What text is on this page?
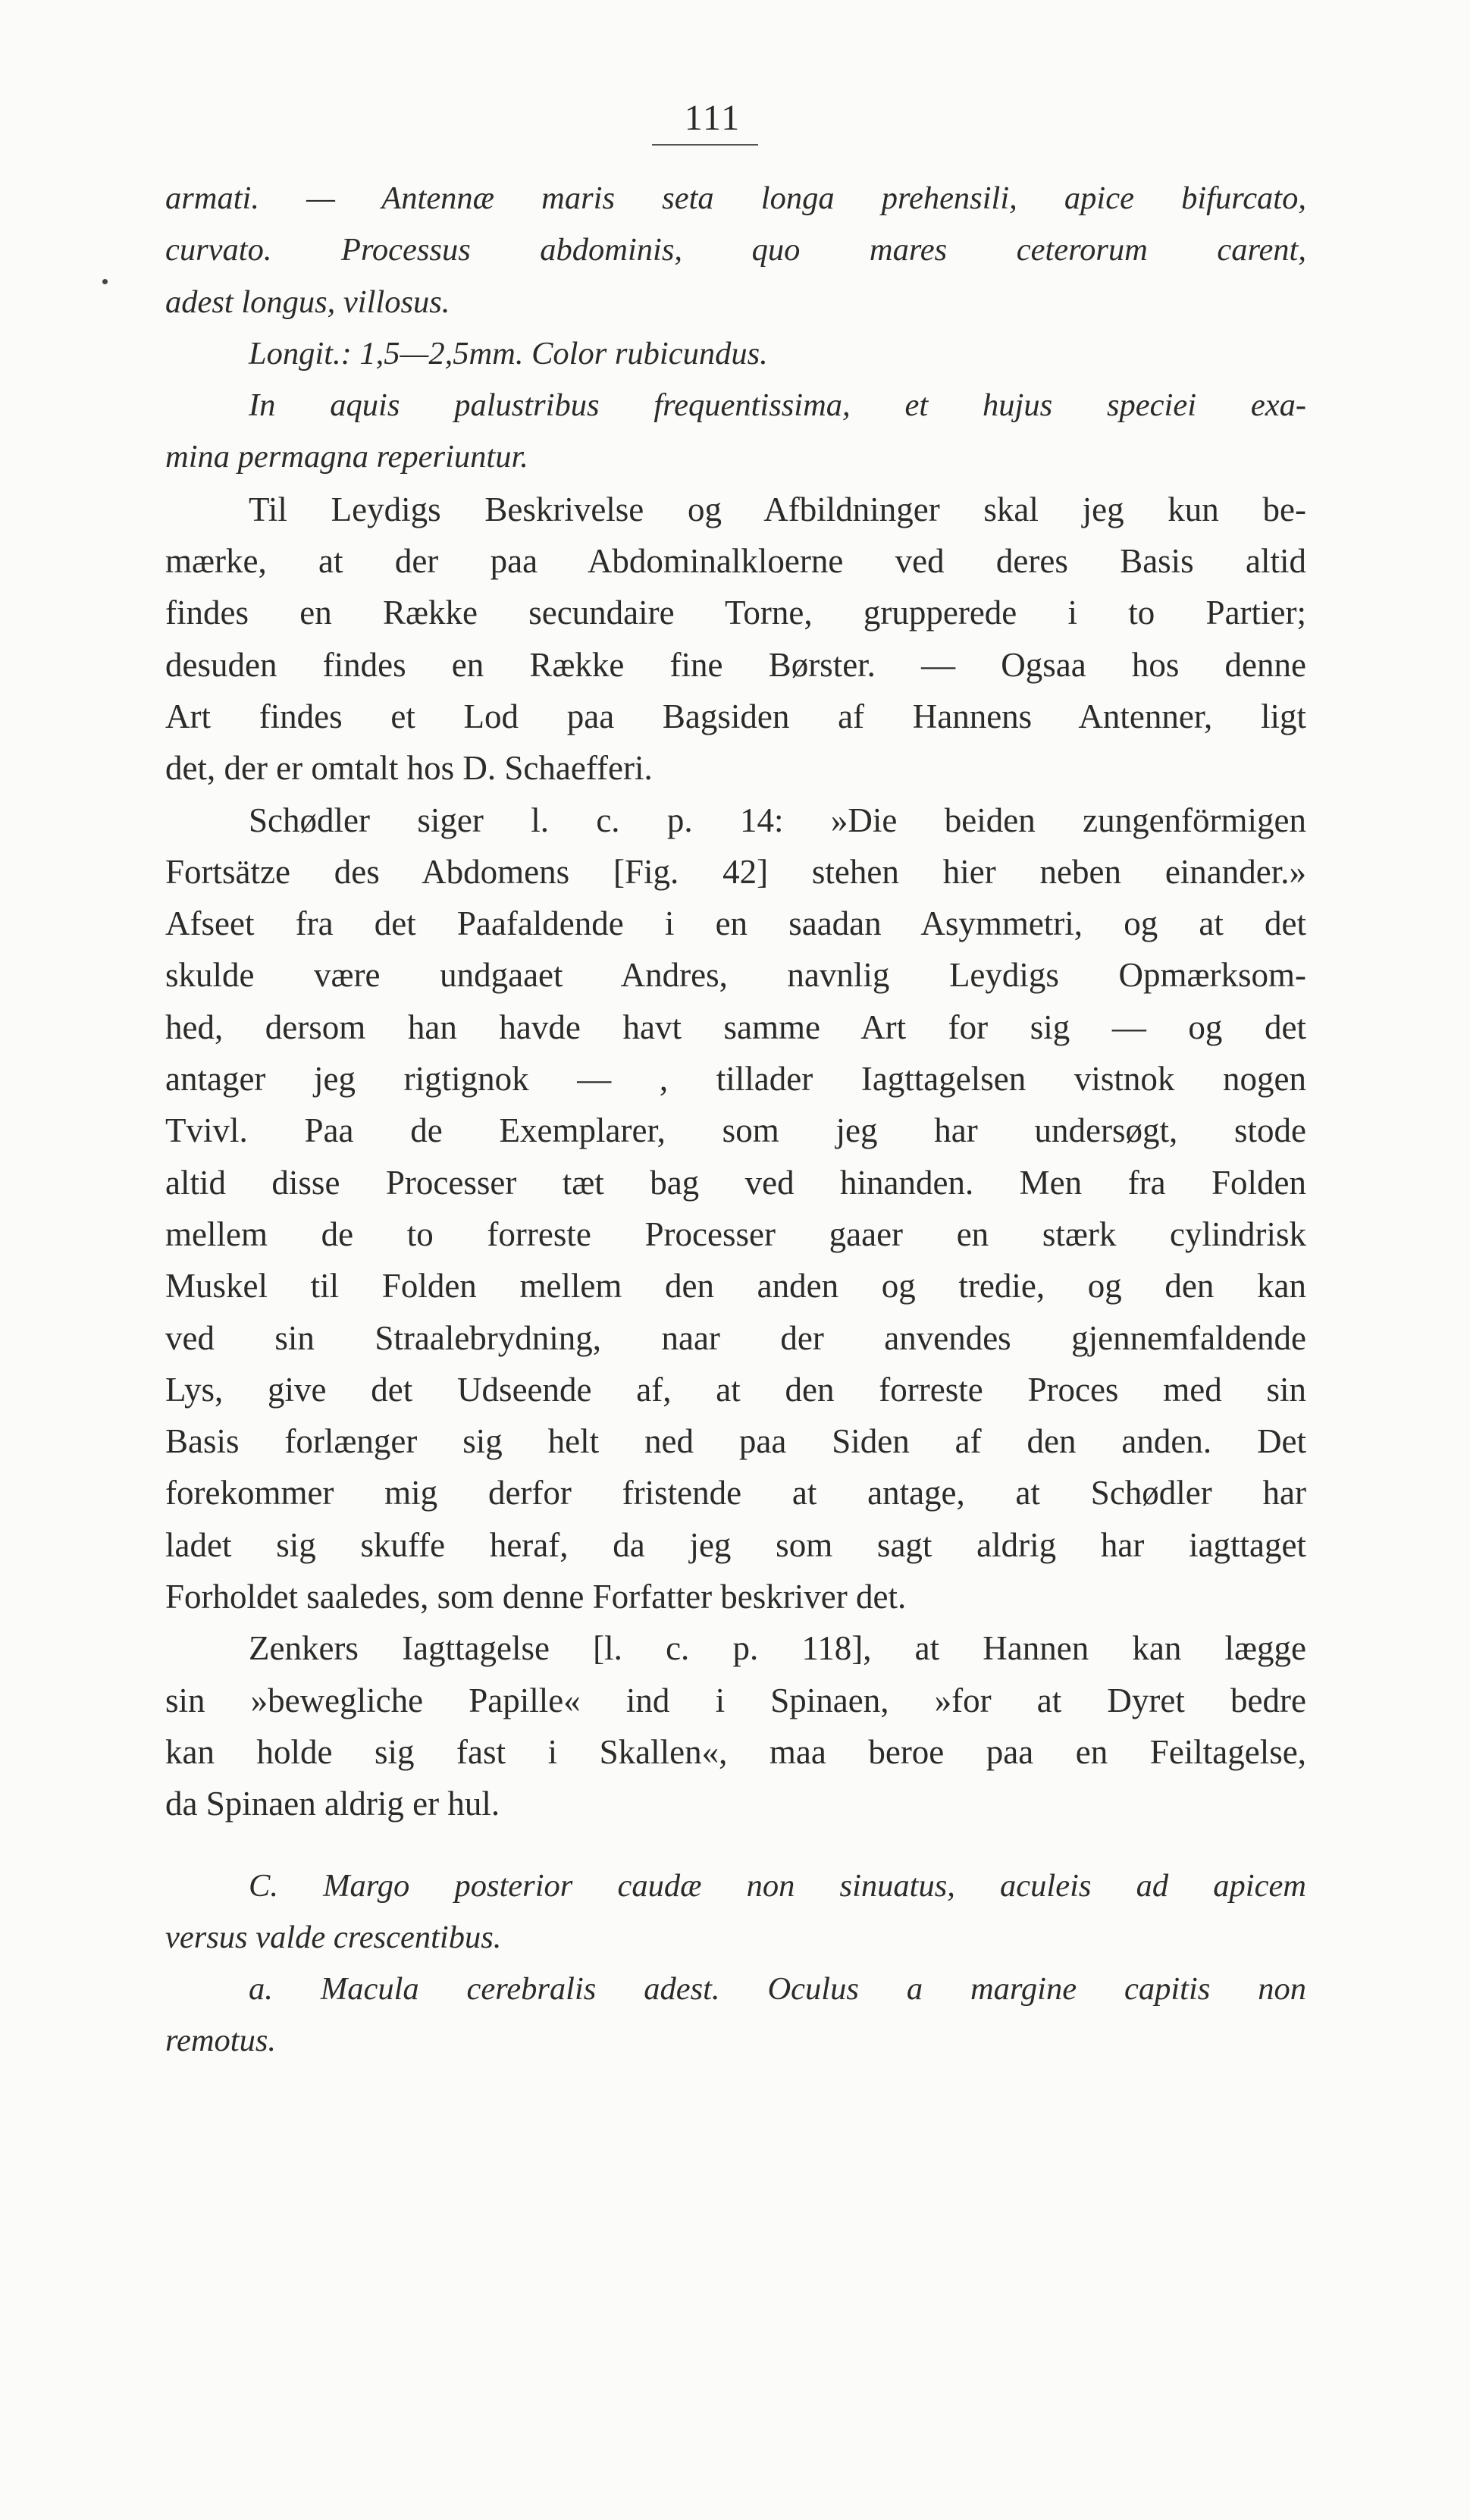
111
armati. — Antennæ maris seta longa prehensili, apice bifurcato,
curvato. Processus abdominis, quo mares ceterorum carent,
adest longus, villosus.
Longit.: 1,5—2,5mm. Color rubicundus.
In aquis palustribus frequentissima, et hujus speciei exa-
mina permagna reperiuntur.
Til Leydigs Beskrivelse og Afbildninger skal jeg kun be-
mærke, at der paa Abdominalkloerne ved deres Basis altid
findes en Række secundaire Torne, grupperede i to Partier;
desuden findes en Række fine Børster. — Ogsaa hos denne
Art findes et Lod paa Bagsiden af Hannens Antenner, ligt
det, der er omtalt hos D. Schaefferi.
Schødler siger l. c. p. 14: »Die beiden zungenförmigen
Fortsätze des Abdomens [Fig. 42] stehen hier neben einander.»
Afseet fra det Paafaldende i en saadan Asymmetri, og at det
skulde være undgaaet Andres, navnlig Leydigs Opmærksom-
hed, dersom han havde havt samme Art for sig — og det
antager jeg rigtignok — , tillader Iagttagelsen vistnok nogen
Tvivl. Paa de Exemplarer, som jeg har undersøgt, stode
altid disse Processer tæt bag ved hinanden. Men fra Folden
mellem de to forreste Processer gaaer en stærk cylindrisk
Muskel til Folden mellem den anden og tredie, og den kan
ved sin Straalebrydning, naar der anvendes gjennemfaldende
Lys, give det Udseende af, at den forreste Proces med sin
Basis forlænger sig helt ned paa Siden af den anden. Det
forekommer mig derfor fristende at antage, at Schødler har
ladet sig skuffe heraf, da jeg som sagt aldrig har iagttaget
Forholdet saaledes, som denne Forfatter beskriver det.
Zenkers Iagttagelse [l. c. p. 118], at Hannen kan lægge
sin »bewegliche Papille« ind i Spinaen, »for at Dyret bedre
kan holde sig fast i Skallen«, maa beroe paa en Feiltagelse,
da Spinaen aldrig er hul.
C. Margo posterior caudæ non sinuatus, aculeis ad apicem
versus valde crescentibus.
a. Macula cerebralis adest. Oculus a margine capitis non
remotus.
